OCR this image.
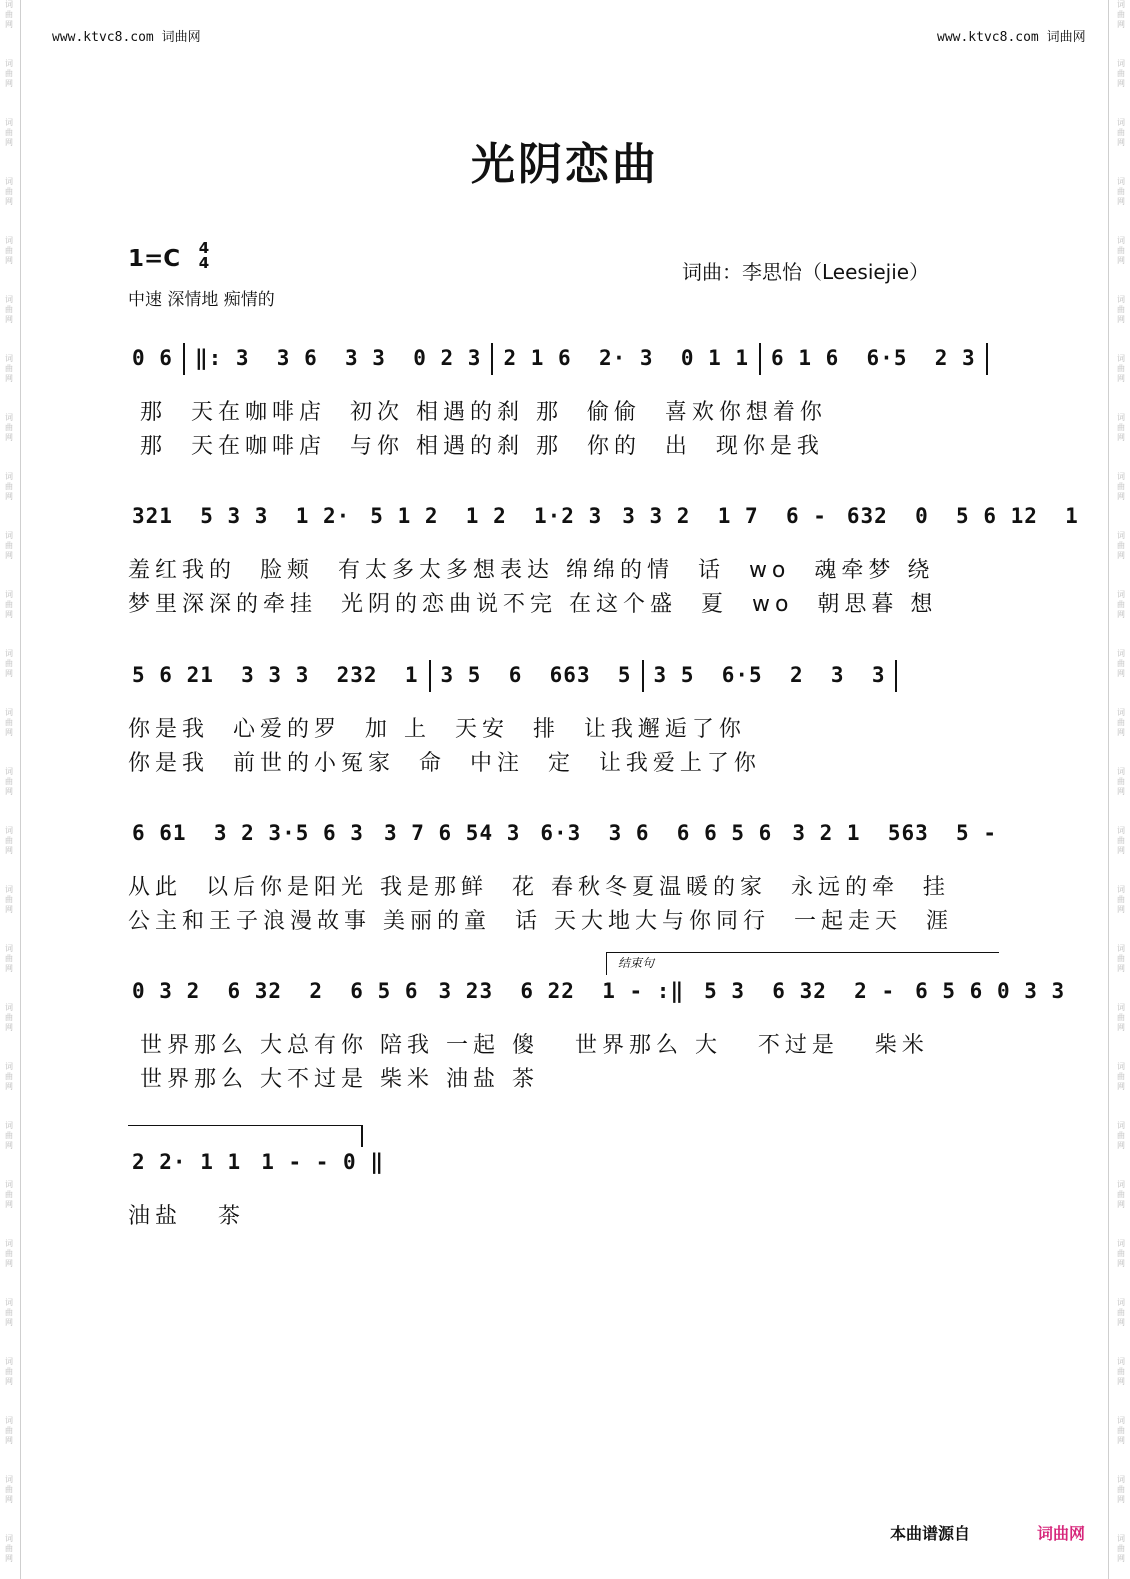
词
曲
网
词
曲
网
词
曲
网
词
曲
网
词
曲
网
词
曲
网
词
曲
网
词
曲
网
词
曲
网
词
曲
网
词
曲
网
词
曲
网
词
曲
网
词
曲
网
词
曲
网
词
曲
网
词
曲
网
词
曲
网
词
曲
网
词
曲
网
词
曲
网
词
曲
网
词
曲
网
词
曲
网
词
曲
网
词
曲
网
词
曲
网
词
曲
网
词
曲
网
词
曲
网
词
曲
网
词
曲
网
词
曲
网
词
曲
网
词
曲
网
词
曲
网
词
曲
网
词
曲
网
词
曲
网
词
曲
网
词
曲
网
词
曲
网
词
曲
网
词
曲
网
词
曲
网
词
曲
网
词
曲
网
词
曲
网
词
曲
网
词
曲
网
词
曲
网
词
曲
网
词
曲
网
词
曲
网
www.ktvc8.com 词曲网	www.ktvc8.com 词曲网
光阴恋曲
1=C	4
4
中速 深情地 痴情的
词曲：李思怡（Leesiejie）
0 6 ‖: 3  3 6  3 3  0 2 3 2 1 6  2· 3  0 1 1 6 1 6  6·5  2 3
那  天在咖啡店  初次 相遇的刹 那  偷偷  喜欢你想着你
那  天在咖啡店  与你 相遇的刹 那  你的  出  现你是我
321  5 3 3  1 2· 5 1 2  1 2  1·2 3 3 3 2  1 7  6 - 632  0  5 6 12  1
羞红我的  脸颊  有太多太多想表达 绵绵的情  话  wo  魂牵梦 绕
梦里深深的牵挂  光阴的恋曲说不完 在这个盛  夏  wo  朝思暮 想
5 6 21  3 3 3  232  1 3 5  6  663  5 3 5  6·5  2  3  3
你是我  心爱的罗  加 上  天安  排  让我邂逅了你
你是我  前世的小冤家  命  中注  定  让我爱上了你
6 61  3 2 3·5 6 3 3 7 6 54 3 6·3  3 6  6 6 5 6 3 2 1  563  5 -
从此  以后你是阳光 我是那鲜  花 春秋冬夏温暖的家  永远的牵  挂
公主和王子浪漫故事 美丽的童  话 天大地大与你同行  一起走天  涯
结束句
0 3 2  6 32  2  6 5 6 3 23  6 22  1 - :‖ 5 3  6 32  2 - 6 5 6 0 3 3
世界那么 大总有你 陪我 一起 傻   世界那么 大   不过是   柴米
世界那么 大不过是 柴米 油盐 茶
2 2· 1 1 1 - - 0 ‖
油盐   茶
本曲谱源自	词曲网
